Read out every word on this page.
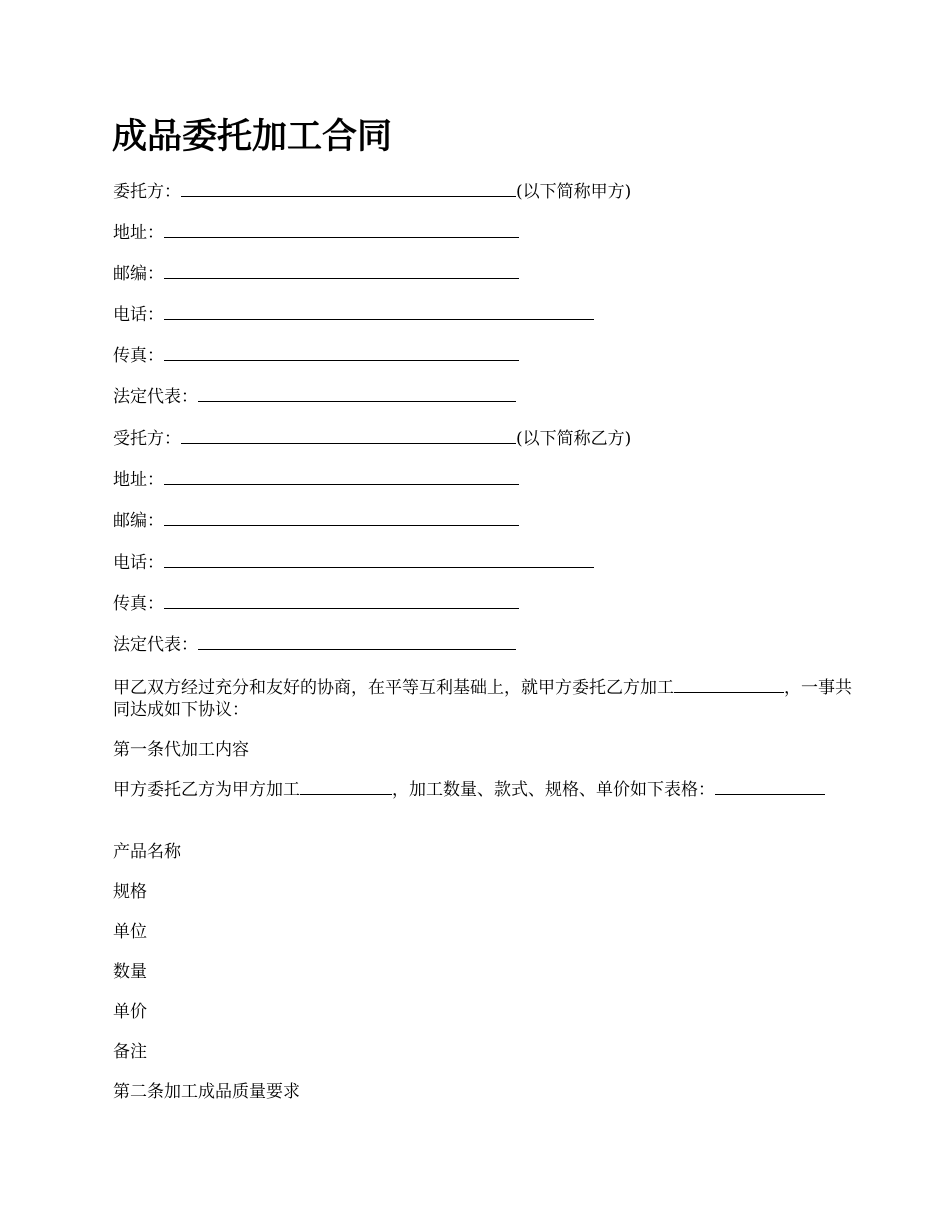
成品委托加工合同
委托方：	(以下简称甲方)
地址：
邮编：
电话：
传真：
法定代表：
受托方：	(以下简称乙方)
地址：
邮编：
电话：
传真：
法定代表：
甲乙双方经过充分和友好的协商，在平等互利基础上，就甲方委托乙方加工	，一事共同达成如下协议：
第一条代加工内容
甲方委托乙方为甲方加工	，加工数量、款式、规格、单价如下表格：
产品名称
规格
单位
数量
单价
备注
第二条加工成品质量要求
